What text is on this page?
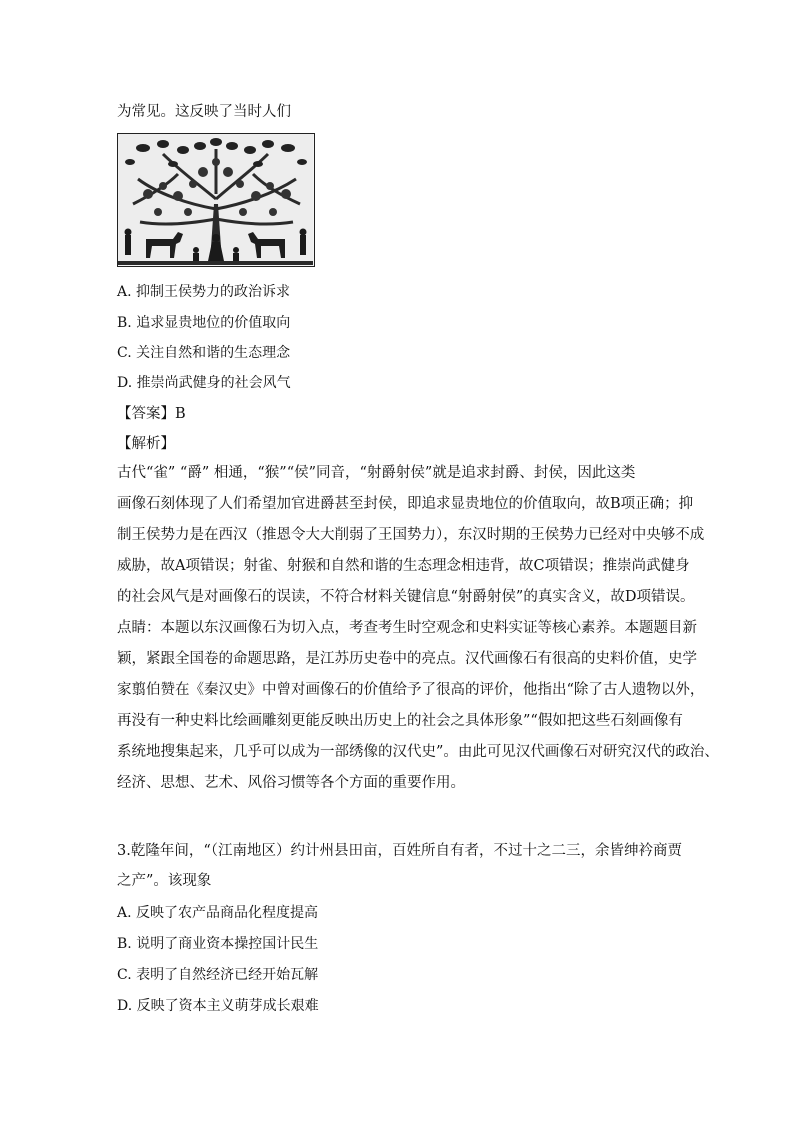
为常见。这反映了当时人们
A. 抑制王侯势力的政治诉求
B. 追求显贵地位的价值取向
C. 关注自然和谐的生态理念
D. 推崇尚武健身的社会风气
【答案】B
【解析】
古代“雀” “爵” 相通，“猴”“侯”同音，“射爵射侯”就是追求封爵、封侯，因此这类
画像石刻体现了人们希望加官进爵甚至封侯，即追求显贵地位的价值取向，故B项正确；抑
制王侯势力是在西汉（推恩令大大削弱了王国势力），东汉时期的王侯势力已经对中央够不成
威胁，故A项错误；射雀、射猴和自然和谐的生态理念相违背，故C项错误；推崇尚武健身
的社会风气是对画像石的误读，不符合材料关键信息“射爵射侯”的真实含义，故D项错误。
点睛：本题以东汉画像石为切入点，考查考生时空观念和史料实证等核心素养。本题题目新
颖，紧跟全国卷的命题思路，是江苏历史卷中的亮点。汉代画像石有很高的史料价值，史学
家翦伯赞在《秦汉史》中曾对画像石的价值给予了很高的评价，他指出“除了古人遗物以外，
再没有一种史料比绘画雕刻更能反映出历史上的社会之具体形象”“假如把这些石刻画像有
系统地搜集起来，几乎可以成为一部绣像的汉代史”。由此可见汉代画像石对研究汉代的政治、
经济、思想、艺术、风俗习惯等各个方面的重要作用。
3.乾隆年间，“（江南地区）约计州县田亩，百姓所自有者，不过十之二三，余皆绅衿商贾
之产”。该现象
A. 反映了农产品商品化程度提高
B. 说明了商业资本操控国计民生
C. 表明了自然经济已经开始瓦解
D. 反映了资本主义萌芽成长艰难
